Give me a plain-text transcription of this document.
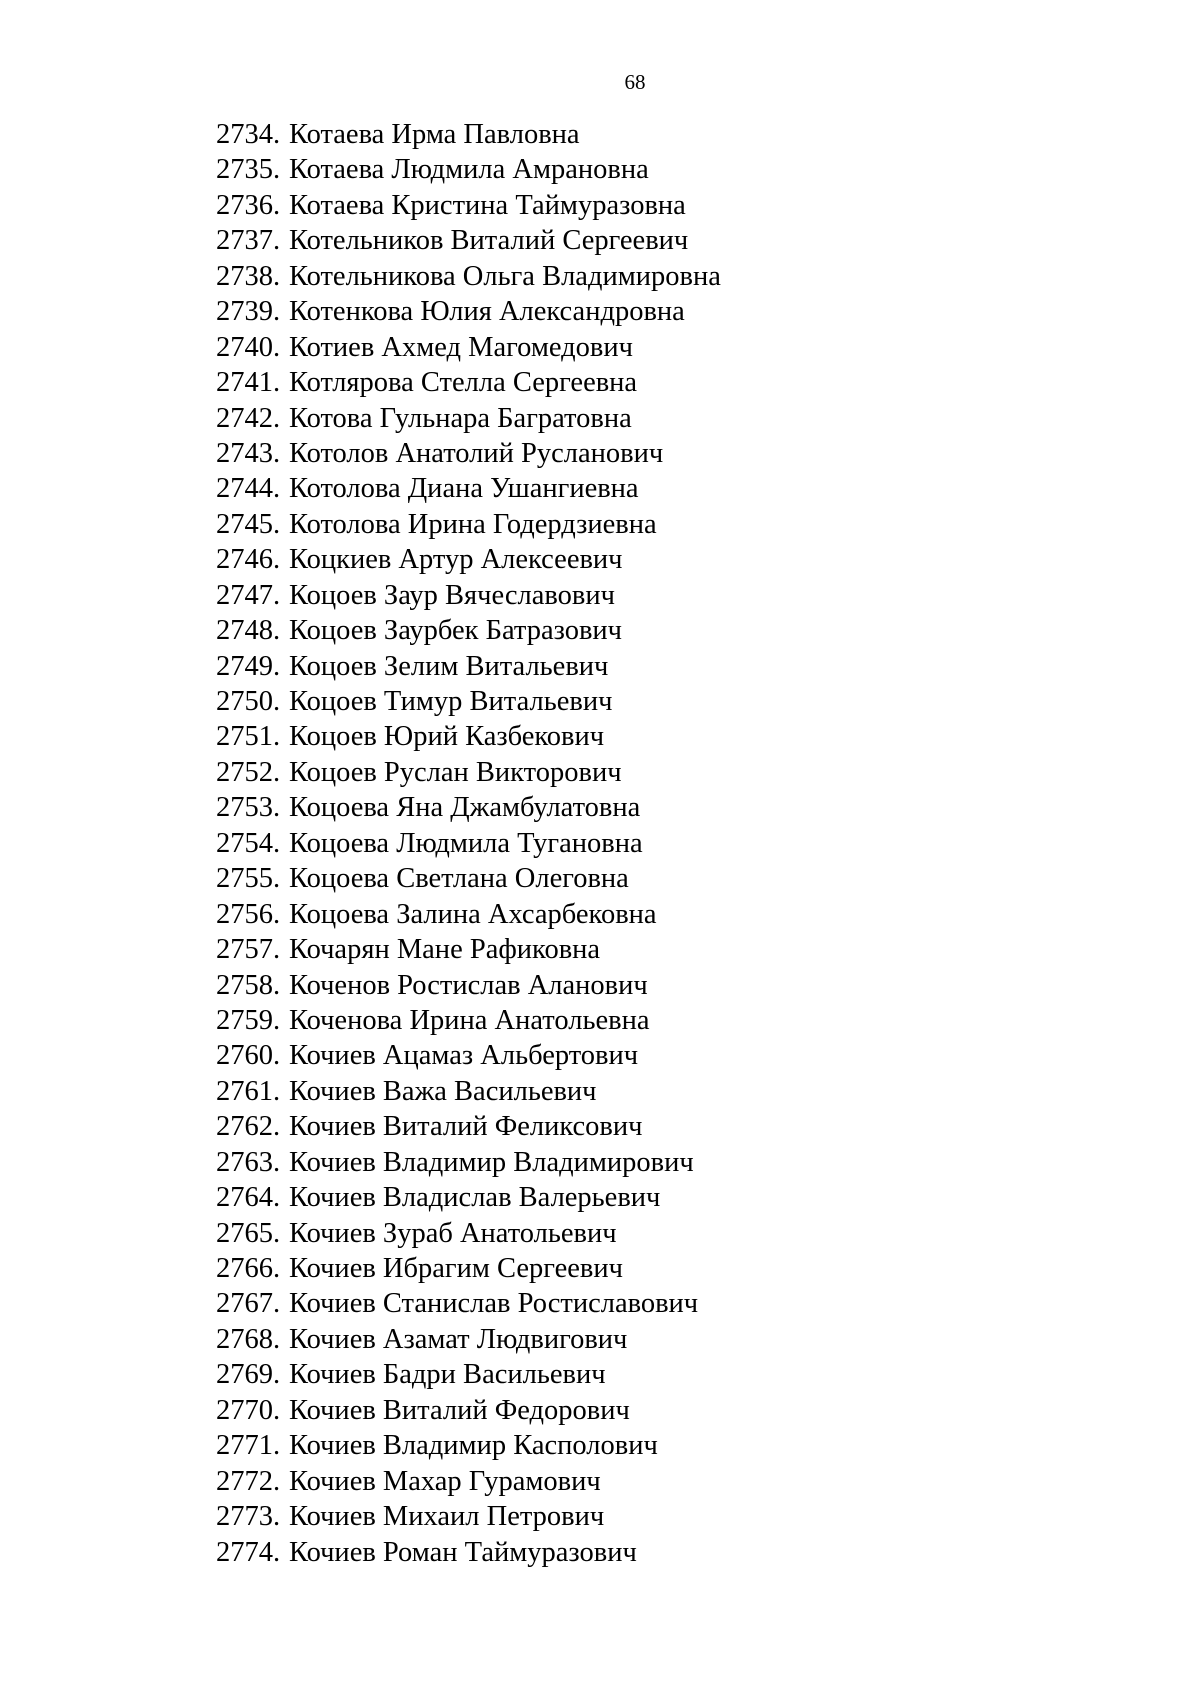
68
2734. Котаева Ирма Павловна
2735. Котаева Людмила Амрановна
2736. Котаева Кристина Таймуразовна
2737. Котельников Виталий Сергеевич
2738. Котельникова Ольга Владимировна
2739. Котенкова Юлия Александровна
2740. Котиев Ахмед Магомедович
2741. Котлярова Стелла Сергеевна
2742. Котова Гульнара Багратовна
2743. Котолов Анатолий Русланович
2744. Котолова Диана Ушангиевна
2745. Котолова Ирина Годердзиевна
2746. Коцкиев Артур Алексеевич
2747. Коцоев Заур Вячеславович
2748. Коцоев Заурбек Батразович
2749. Коцоев Зелим Витальевич
2750. Коцоев Тимур Витальевич
2751. Коцоев Юрий Казбекович
2752. Коцоев Руслан Викторович
2753. Коцоева Яна Джамбулатовна
2754. Коцоева Людмила Тугановна
2755. Коцоева Светлана Олеговна
2756. Коцоева Залина Ахсарбековна
2757. Кочарян Мане Рафиковна
2758. Коченов Ростислав Аланович
2759. Коченова Ирина Анатольевна
2760. Кочиев Ацамаз Альбертович
2761. Кочиев Важа Васильевич
2762. Кочиев Виталий Феликсович
2763. Кочиев Владимир Владимирович
2764. Кочиев Владислав Валерьевич
2765. Кочиев Зураб Анатольевич
2766. Кочиев Ибрагим Сергеевич
2767. Кочиев Станислав Ростиславович
2768. Кочиев Азамат Людвигович
2769. Кочиев Бадри Васильевич
2770. Кочиев Виталий Федорович
2771. Кочиев Владимир Касполович
2772. Кочиев Махар Гурамович
2773. Кочиев Михаил Петрович
2774. Кочиев Роман Таймуразович
